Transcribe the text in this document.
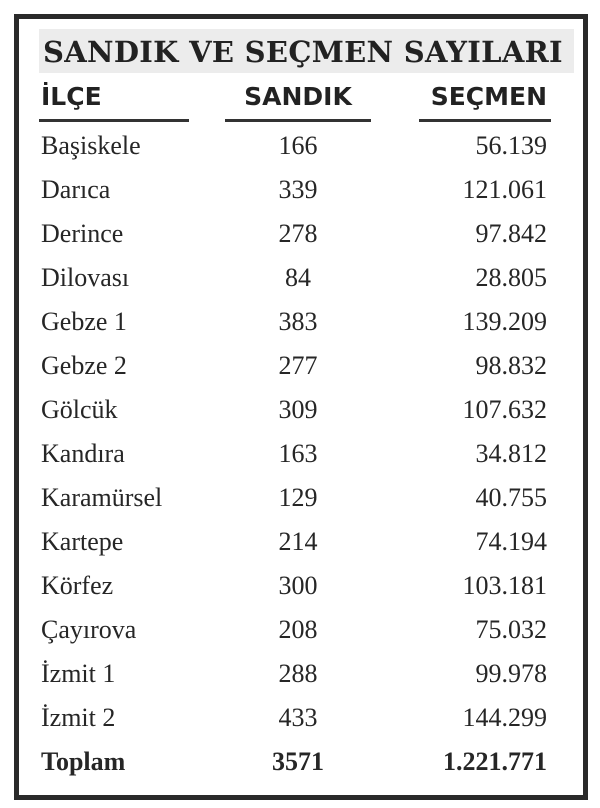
SANDIK VE SEÇMEN SAYILARI
İLÇE	SANDIK	SEÇMEN
Başiskele	166	56.139
Darıca	339	121.061
Derince	278	97.842
Dilovası	84	28.805
Gebze 1	383	139.209
Gebze 2	277	98.832
Gölcük	309	107.632
Kandıra	163	34.812
Karamürsel	129	40.755
Kartepe	214	74.194
Körfez	300	103.181
Çayırova	208	75.032
İzmit 1	288	99.978
İzmit 2	433	144.299
Toplam	3571	1.221.771
